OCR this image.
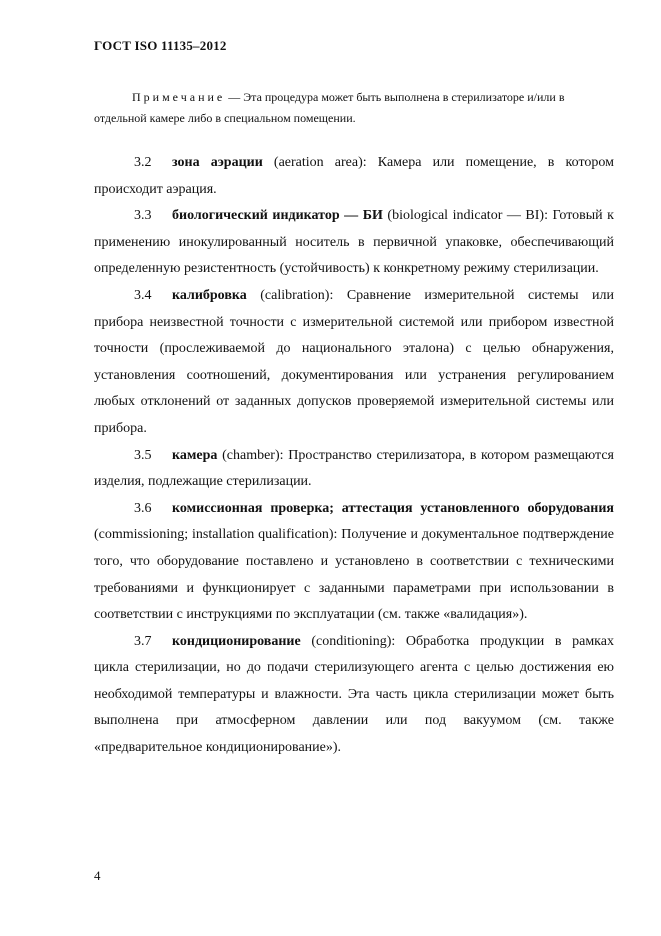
ГОСТ ISO 11135–2012
Примечание — Эта процедура может быть выполнена в стерилизаторе и/или в отдельной камере либо в специальном помещении.

3.2 зона аэрации (aeration area): Камера или помещение, в котором происходит аэрация.

3.3 биологический индикатор — БИ (biological indicator — BI): Готовый к применению инокулированный носитель в первичной упаковке, обеспечивающий определенную резистентность (устойчивость) к конкретному режиму стерилизации.

3.4 калибровка (calibration): Сравнение измерительной системы или прибора неизвестной точности с измерительной системой или прибором известной точности (прослеживаемой до национального эталона) с целью обнаружения, установления соотношений, документирования или устранения регулированием любых отклонений от заданных допусков проверяемой измерительной системы или прибора.

3.5 камера (chamber): Пространство стерилизатора, в котором размещаются изделия, подлежащие стерилизации.

3.6 комиссионная проверка; аттестация установленного оборудования (commissioning; installation qualification): Получение и документальное подтверждение того, что оборудование поставлено и установлено в соответствии с техническими требованиями и функционирует с заданными параметрами при использовании в соответствии с инструкциями по эксплуатации (см. также «валидация»).

3.7 кондиционирование (conditioning): Обработка продукции в рамках цикла стерилизации, но до подачи стерилизующего агента с целью достижения ею необходимой температуры и влажности. Эта часть цикла стерилизации может быть выполнена при атмосферном давлении или под вакуумом (см. также «предварительное кондиционирование»).

4
